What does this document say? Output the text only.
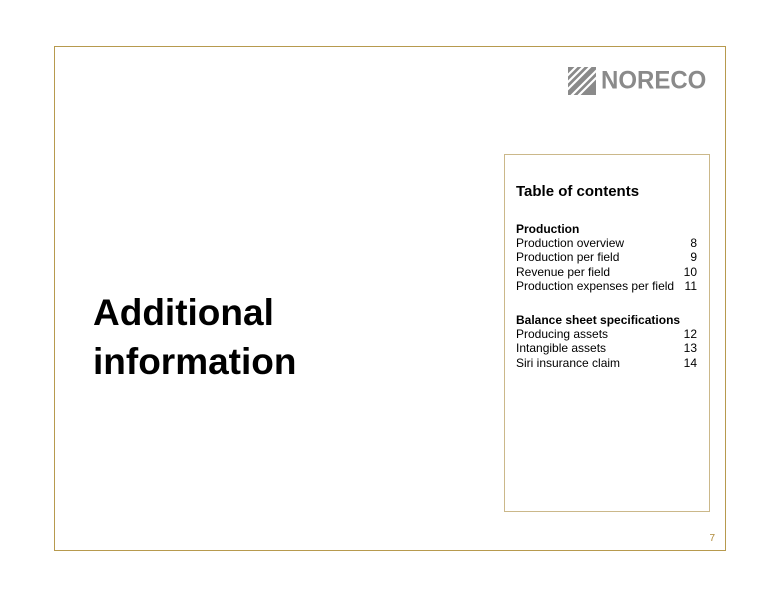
NORECO
Additional
information
Table of contents
Production
Production overview	8
Production per field	9
Revenue per field	10
Production expenses per field 11
Balance sheet specifications
Producing assets	12
Intangible assets	13
Siri insurance claim	14
7
